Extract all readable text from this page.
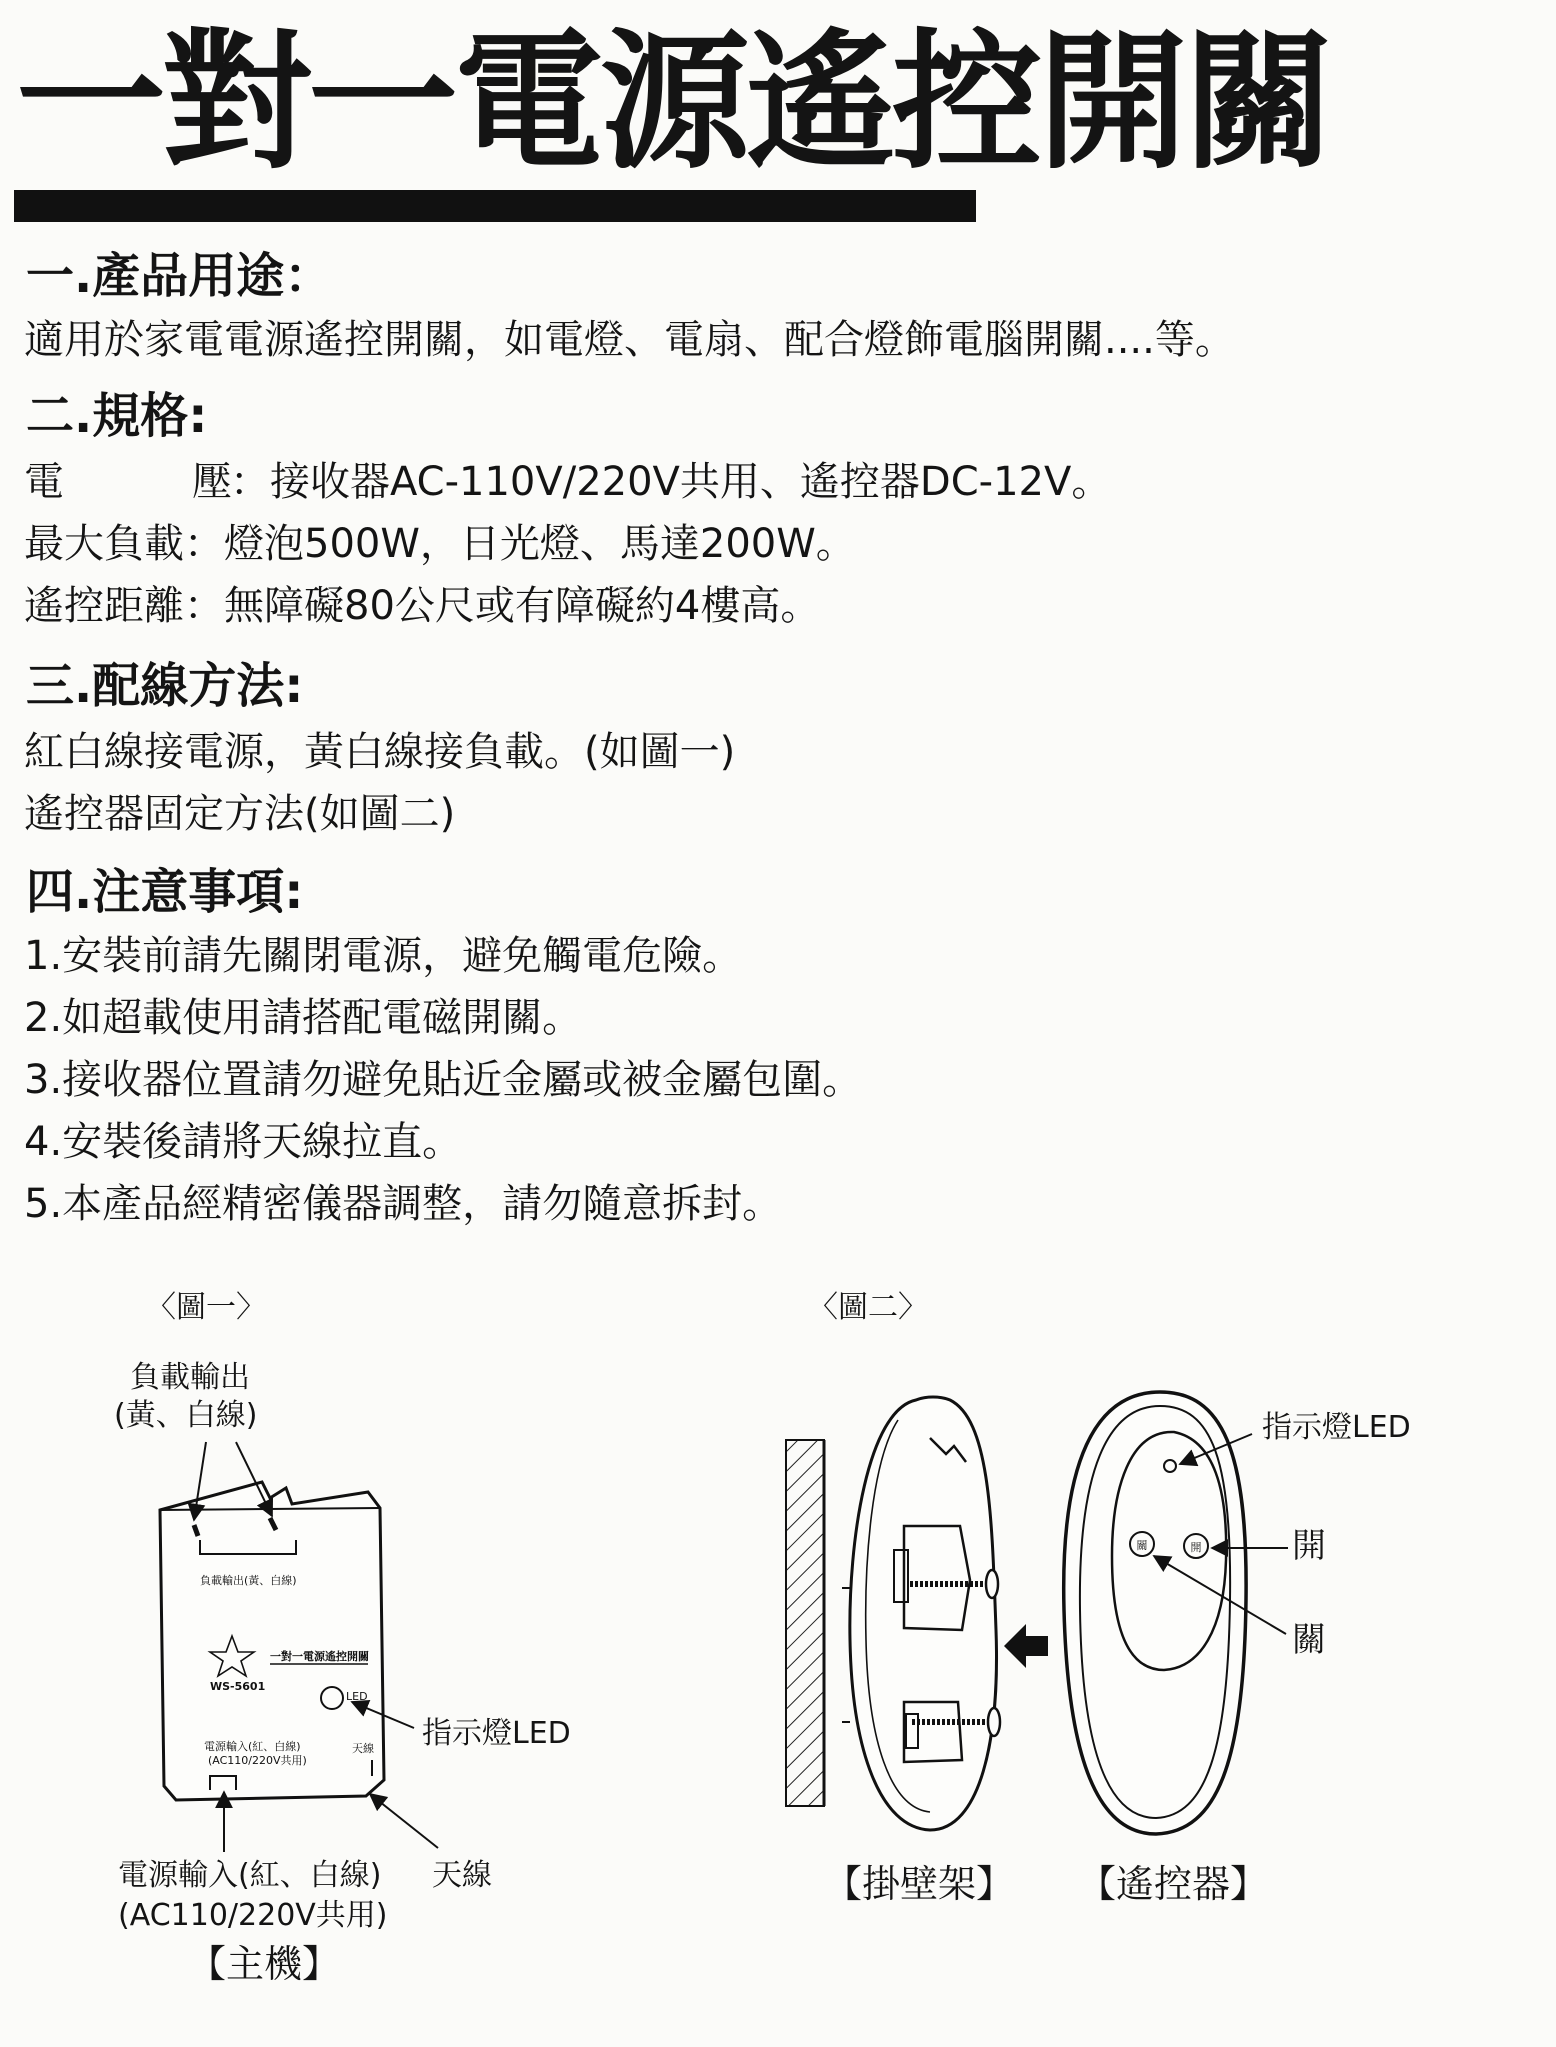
一對一電源遙控開關
一.產品用途：

適用於家電電源遙控開關，如電燈、電扇、配合燈飾電腦開關....等。

二.規格:

電	壓：接收器AC-110V/220V共用、遙控器DC-12V。

最大負載：燈泡500W，日光燈、馬達200W。

遙控距離：無障礙80公尺或有障礙約4樓高。

三.配線方法:

紅白線接電源，黃白線接負載。(如圖一)

遙控器固定方法(如圖二)

四.注意事項:

1.安裝前請先關閉電源，避免觸電危險。

2.如超載使用請搭配電磁開關。

3.接收器位置請勿避免貼近金屬或被金屬包圍。

4.安裝後請將天線拉直。

5.本產品經精密儀器調整，請勿隨意拆封。

〈圖一〉	〈圖二〉
負載輸出
(黃、白線)
指示燈LED
電源輸入(紅、白線)
(AC110/220V共用)
天線
【主機】
指示燈LED
開
關
【掛壁架】 【遙控器】
負載輸出(黃、白線)
一對一電源遙控開關
WS-5601
LED
電源輸入(紅、白線)
(AC110/220V共用)
天線
關	開
